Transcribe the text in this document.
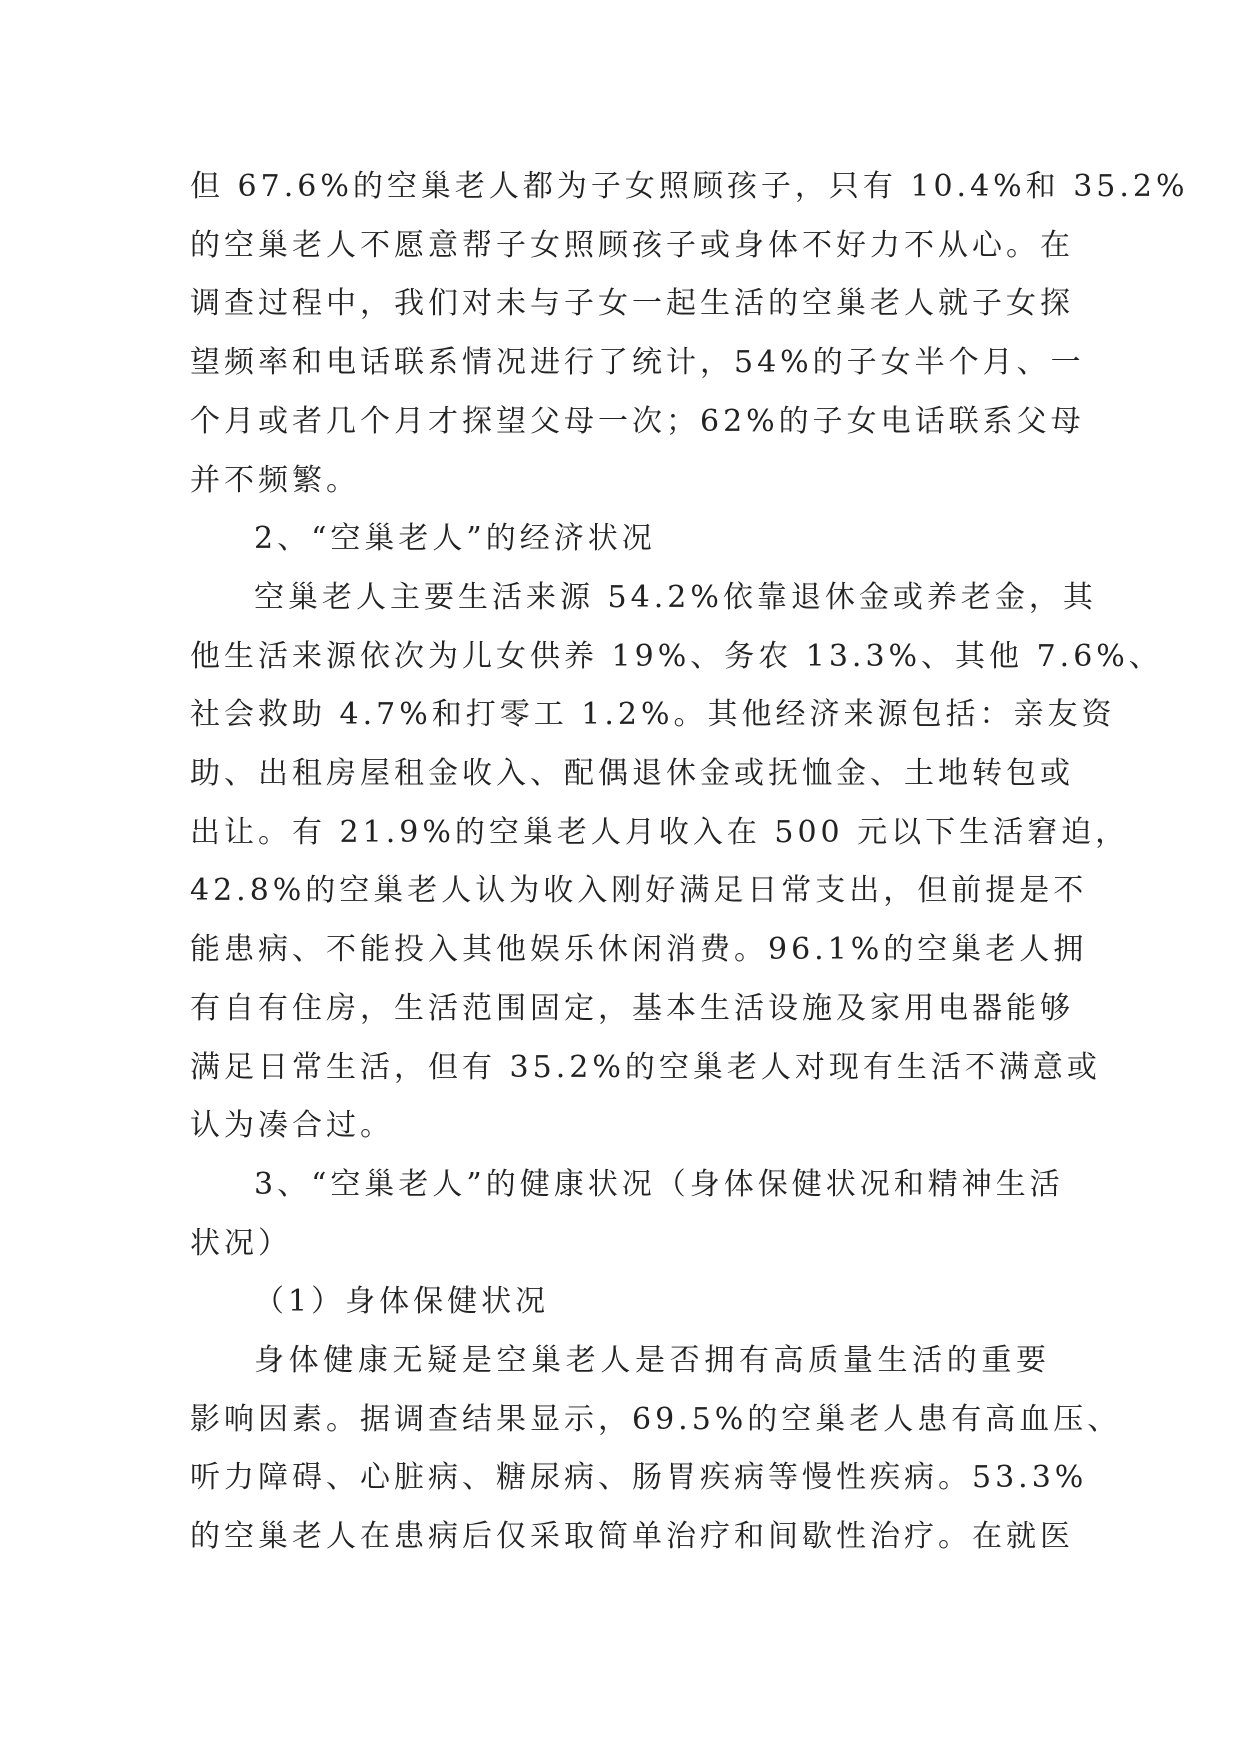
但 67.6%的空巢老人都为子女照顾孩子，只有 10.4%和 35.2%
的空巢老人不愿意帮子女照顾孩子或身体不好力不从心。在
调查过程中，我们对未与子女一起生活的空巢老人就子女探
望频率和电话联系情况进行了统计，54%的子女半个月、一
个月或者几个月才探望父母一次；62%的子女电话联系父母
并不频繁。
2、“空巢老人”的经济状况
空巢老人主要生活来源 54.2%依靠退休金或养老金，其
他生活来源依次为儿女供养 19%、务农 13.3%、其他 7.6%、
社会救助 4.7%和打零工 1.2%。其他经济来源包括：亲友资
助、出租房屋租金收入、配偶退休金或抚恤金、土地转包或
出让。有 21.9%的空巢老人月收入在 500 元以下生活窘迫，
42.8%的空巢老人认为收入刚好满足日常支出，但前提是不
能患病、不能投入其他娱乐休闲消费。96.1%的空巢老人拥
有自有住房，生活范围固定，基本生活设施及家用电器能够
满足日常生活，但有 35.2%的空巢老人对现有生活不满意或
认为凑合过。
3、“空巢老人”的健康状况（身体保健状况和精神生活
状况）
（1）身体保健状况
身体健康无疑是空巢老人是否拥有高质量生活的重要
影响因素。据调查结果显示，69.5%的空巢老人患有高血压、
听力障碍、心脏病、糖尿病、肠胃疾病等慢性疾病。53.3%
的空巢老人在患病后仅采取简单治疗和间歇性治疗。在就医
